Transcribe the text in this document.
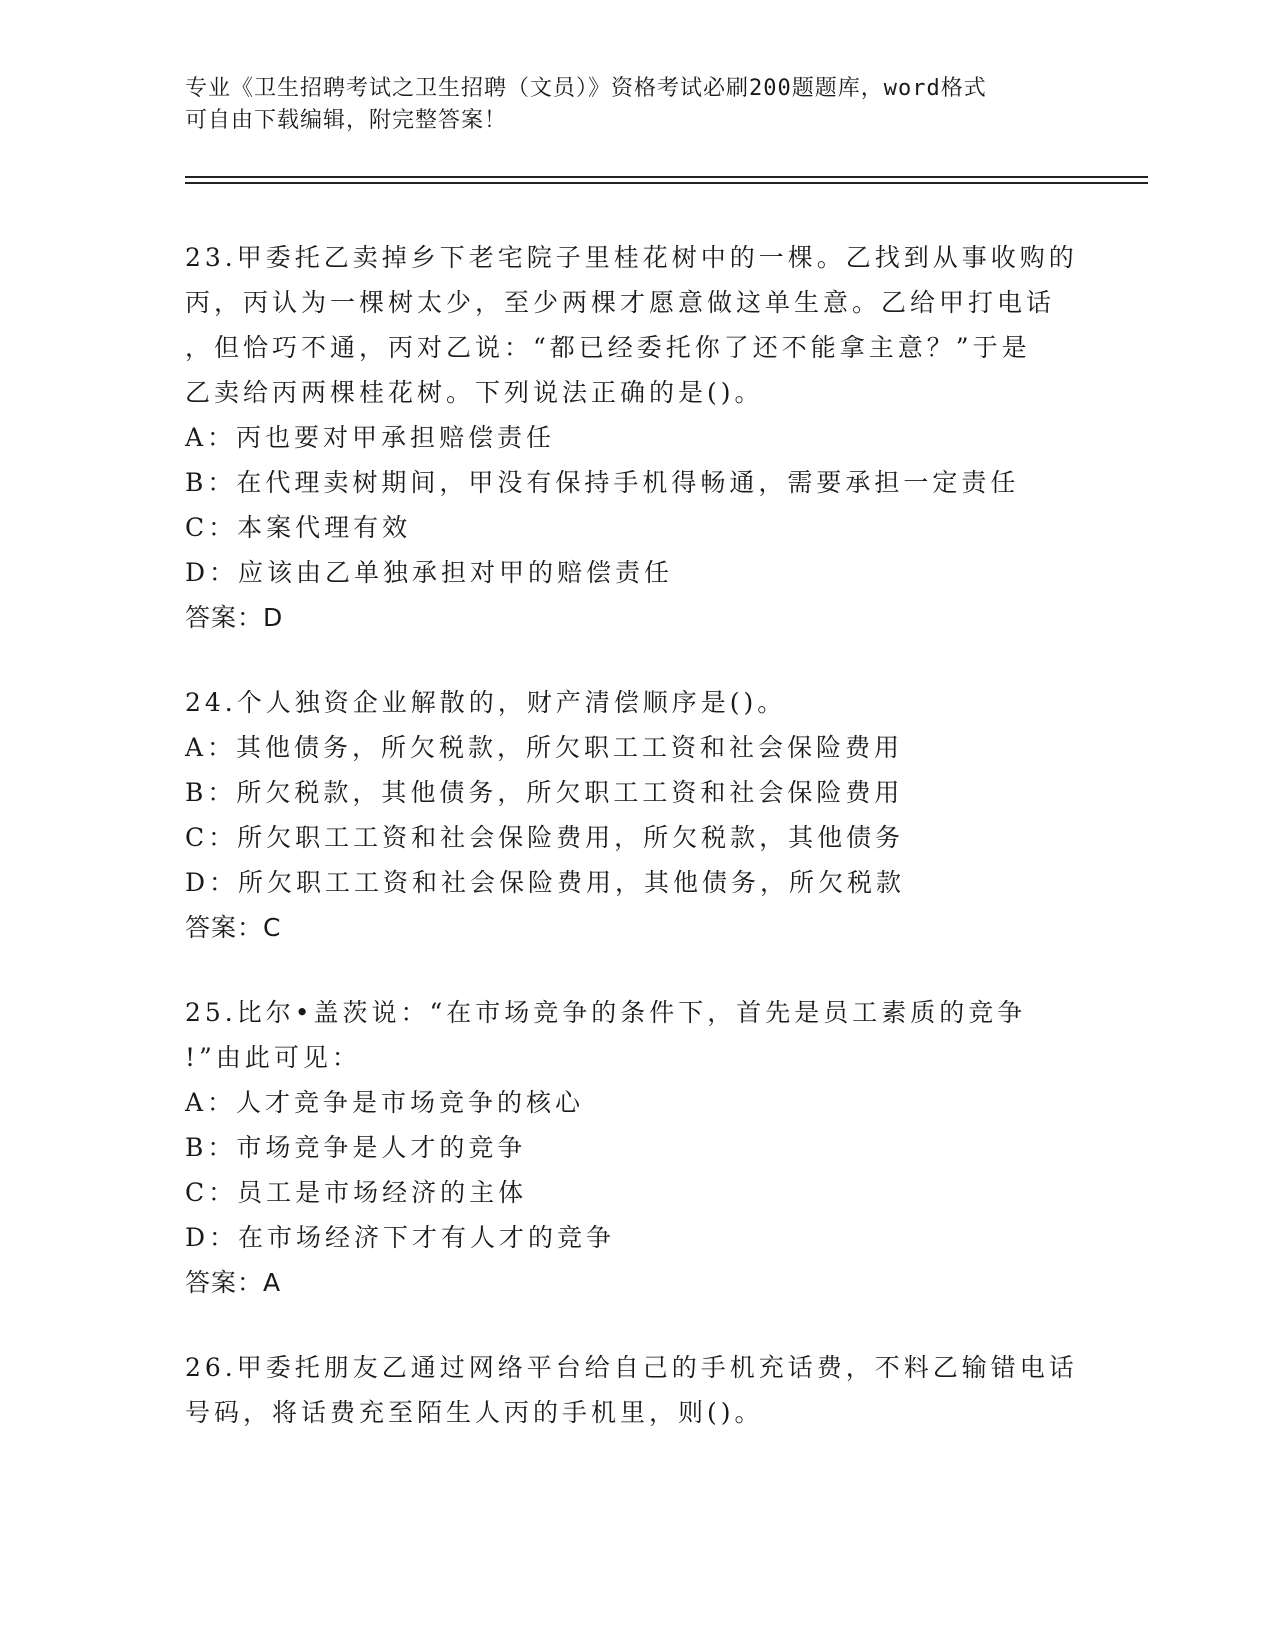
专业《卫生招聘考试之卫生招聘（文员）》资格考试必刷200题题库，word格式
可自由下载编辑，附完整答案！
23.甲委托乙卖掉乡下老宅院子里桂花树中的一棵。乙找到从事收购的
丙，丙认为一棵树太少，至少两棵才愿意做这单生意。乙给甲打电话
，但恰巧不通，丙对乙说：“都已经委托你了还不能拿主意？”于是
乙卖给丙两棵桂花树。下列说法正确的是()。
A：丙也要对甲承担赔偿责任
B：在代理卖树期间，甲没有保持手机得畅通，需要承担一定责任
C：本案代理有效
D：应该由乙单独承担对甲的赔偿责任
答案：D
24.个人独资企业解散的，财产清偿顺序是()。
A：其他债务，所欠税款，所欠职工工资和社会保险费用
B：所欠税款，其他债务，所欠职工工资和社会保险费用
C：所欠职工工资和社会保险费用，所欠税款，其他债务
D：所欠职工工资和社会保险费用，其他债务，所欠税款
答案：C
25.比尔•盖茨说：“在市场竞争的条件下，首先是员工素质的竞争
!”由此可见：
A：人才竞争是市场竞争的核心
B：市场竞争是人才的竞争
C：员工是市场经济的主体
D：在市场经济下才有人才的竞争
答案：A
26.甲委托朋友乙通过网络平台给自己的手机充话费，不料乙输错电话
号码，将话费充至陌生人丙的手机里，则()。
